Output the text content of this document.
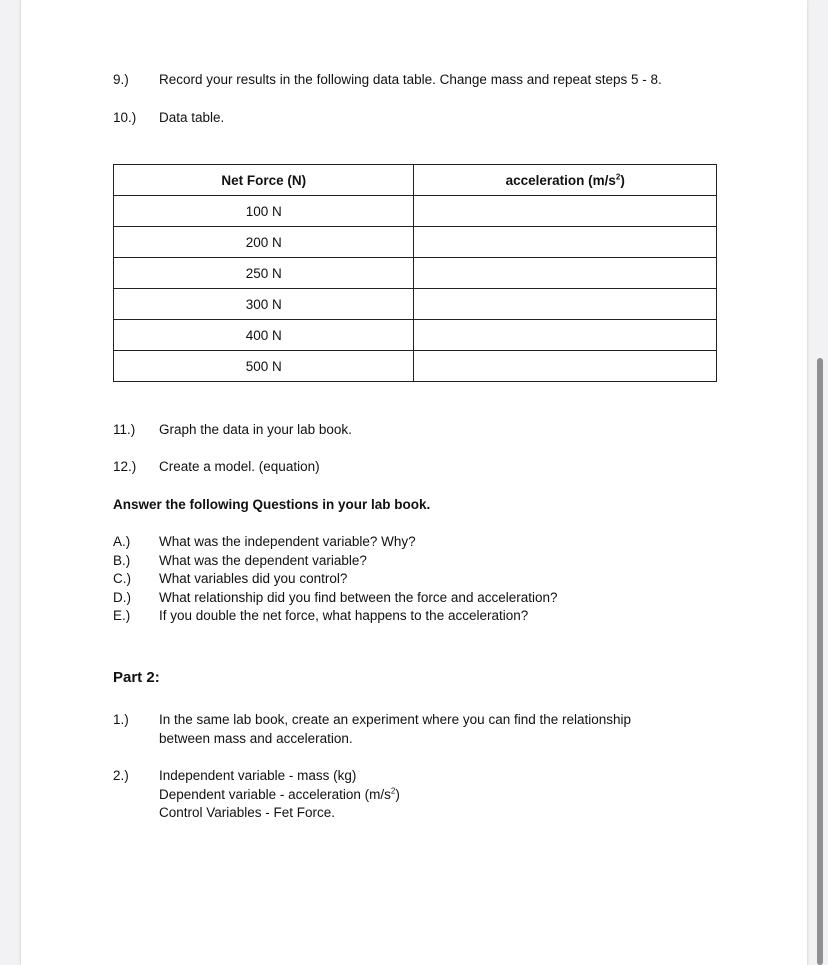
9.) Record your results in the following data table. Change mass and repeat steps 5 - 8.
10.) Data table.
Net Force (N)	acceleration $(m/s^2)$
100 N	
200 N	
250 N	
300 N	
400 N	
500 N	
11.) Graph the data in your lab book.
12.) Create a model. (equation)
Answer the following Questions in your lab book.
A.) What was the independent variable? Why?
B.) What was the dependent variable?
C.) What variables did you control?
D.) What relationship did you find between the force and acceleration?
E.) If you double the net force, what happens to the acceleration?
Part 2:
1.) In the same lab book, create an experiment where you can find the relationship
between mass and acceleration.
2.) Independent variable - mass (kg)
Dependent variable - acceleration $(m/s^2)$
Control Variables - Fet Force.
